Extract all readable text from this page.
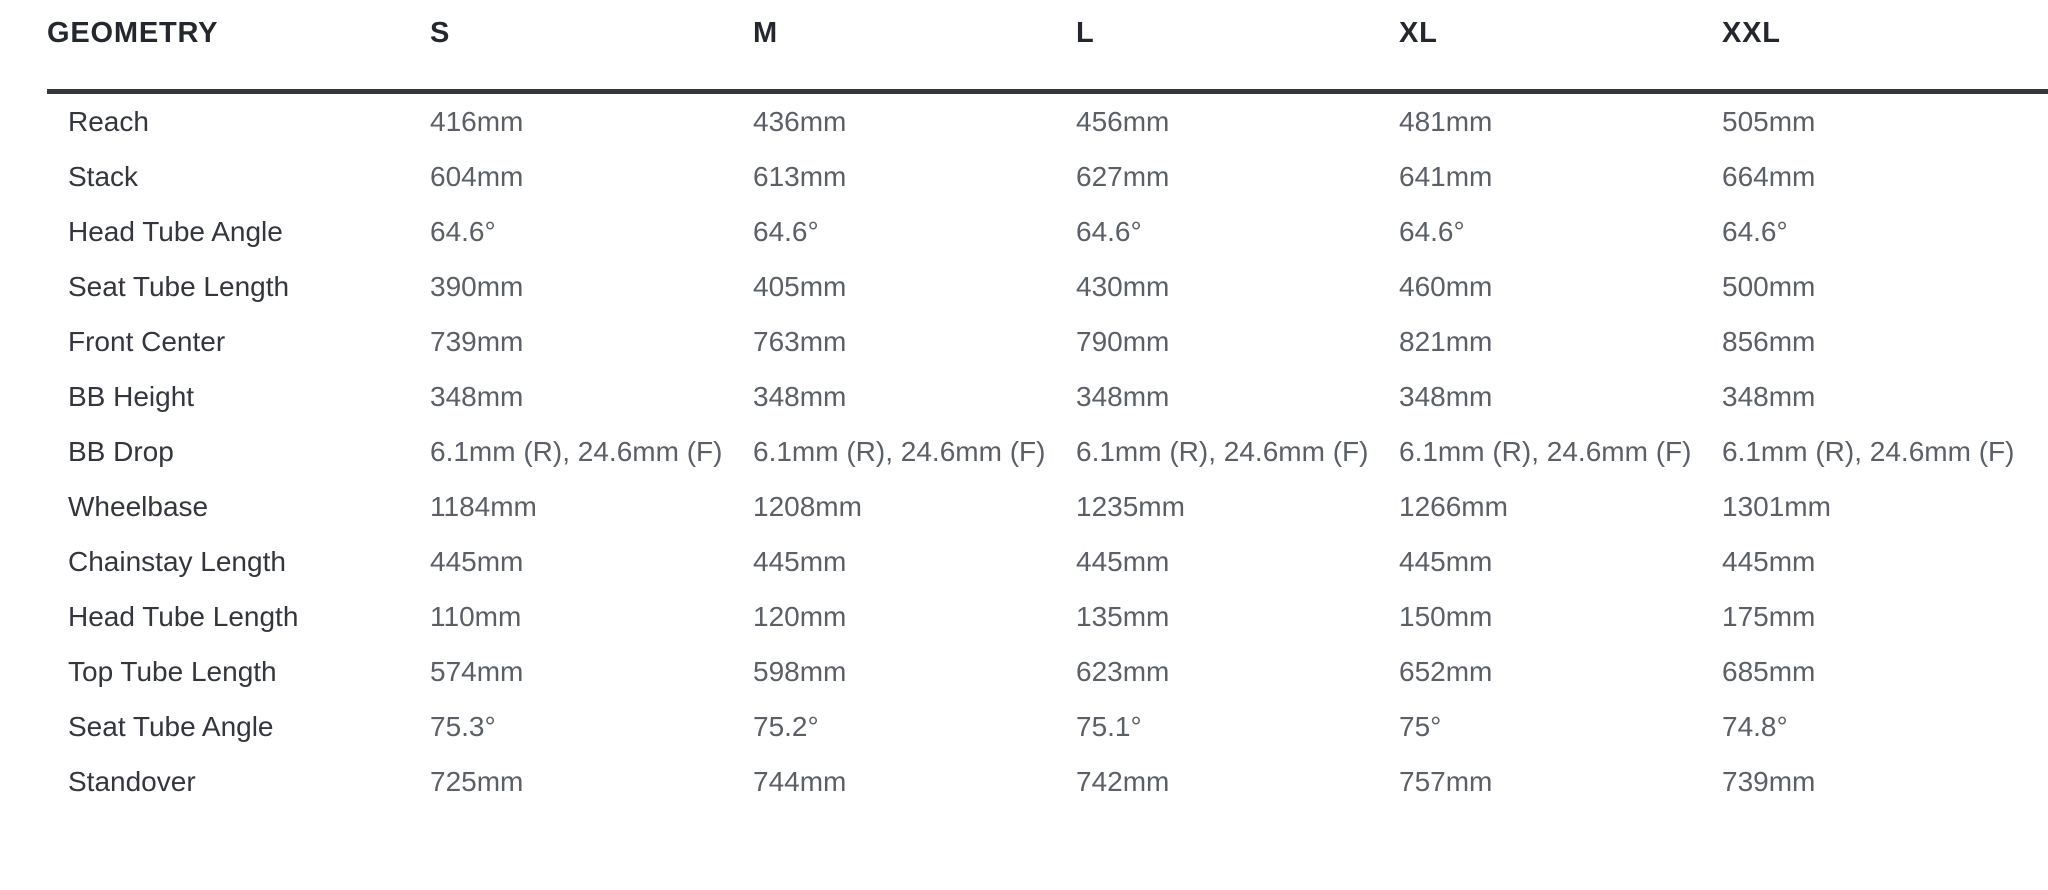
GEOMETRY	S	M	L	XL	XXL
Reach	416mm	436mm	456mm	481mm	505mm
Stack	604mm	613mm	627mm	641mm	664mm
Head Tube Angle	64.6°	64.6°	64.6°	64.6°	64.6°
Seat Tube Length	390mm	405mm	430mm	460mm	500mm
Front Center	739mm	763mm	790mm	821mm	856mm
BB Height	348mm	348mm	348mm	348mm	348mm
BB Drop	6.1mm (R), 24.6mm (F)	6.1mm (R), 24.6mm (F)	6.1mm (R), 24.6mm (F)	6.1mm (R), 24.6mm (F)	6.1mm (R), 24.6mm (F)
Wheelbase	1184mm	1208mm	1235mm	1266mm	1301mm
Chainstay Length	445mm	445mm	445mm	445mm	445mm
Head Tube Length	110mm	120mm	135mm	150mm	175mm
Top Tube Length	574mm	598mm	623mm	652mm	685mm
Seat Tube Angle	75.3°	75.2°	75.1°	75°	74.8°
Standover	725mm	744mm	742mm	757mm	739mm
